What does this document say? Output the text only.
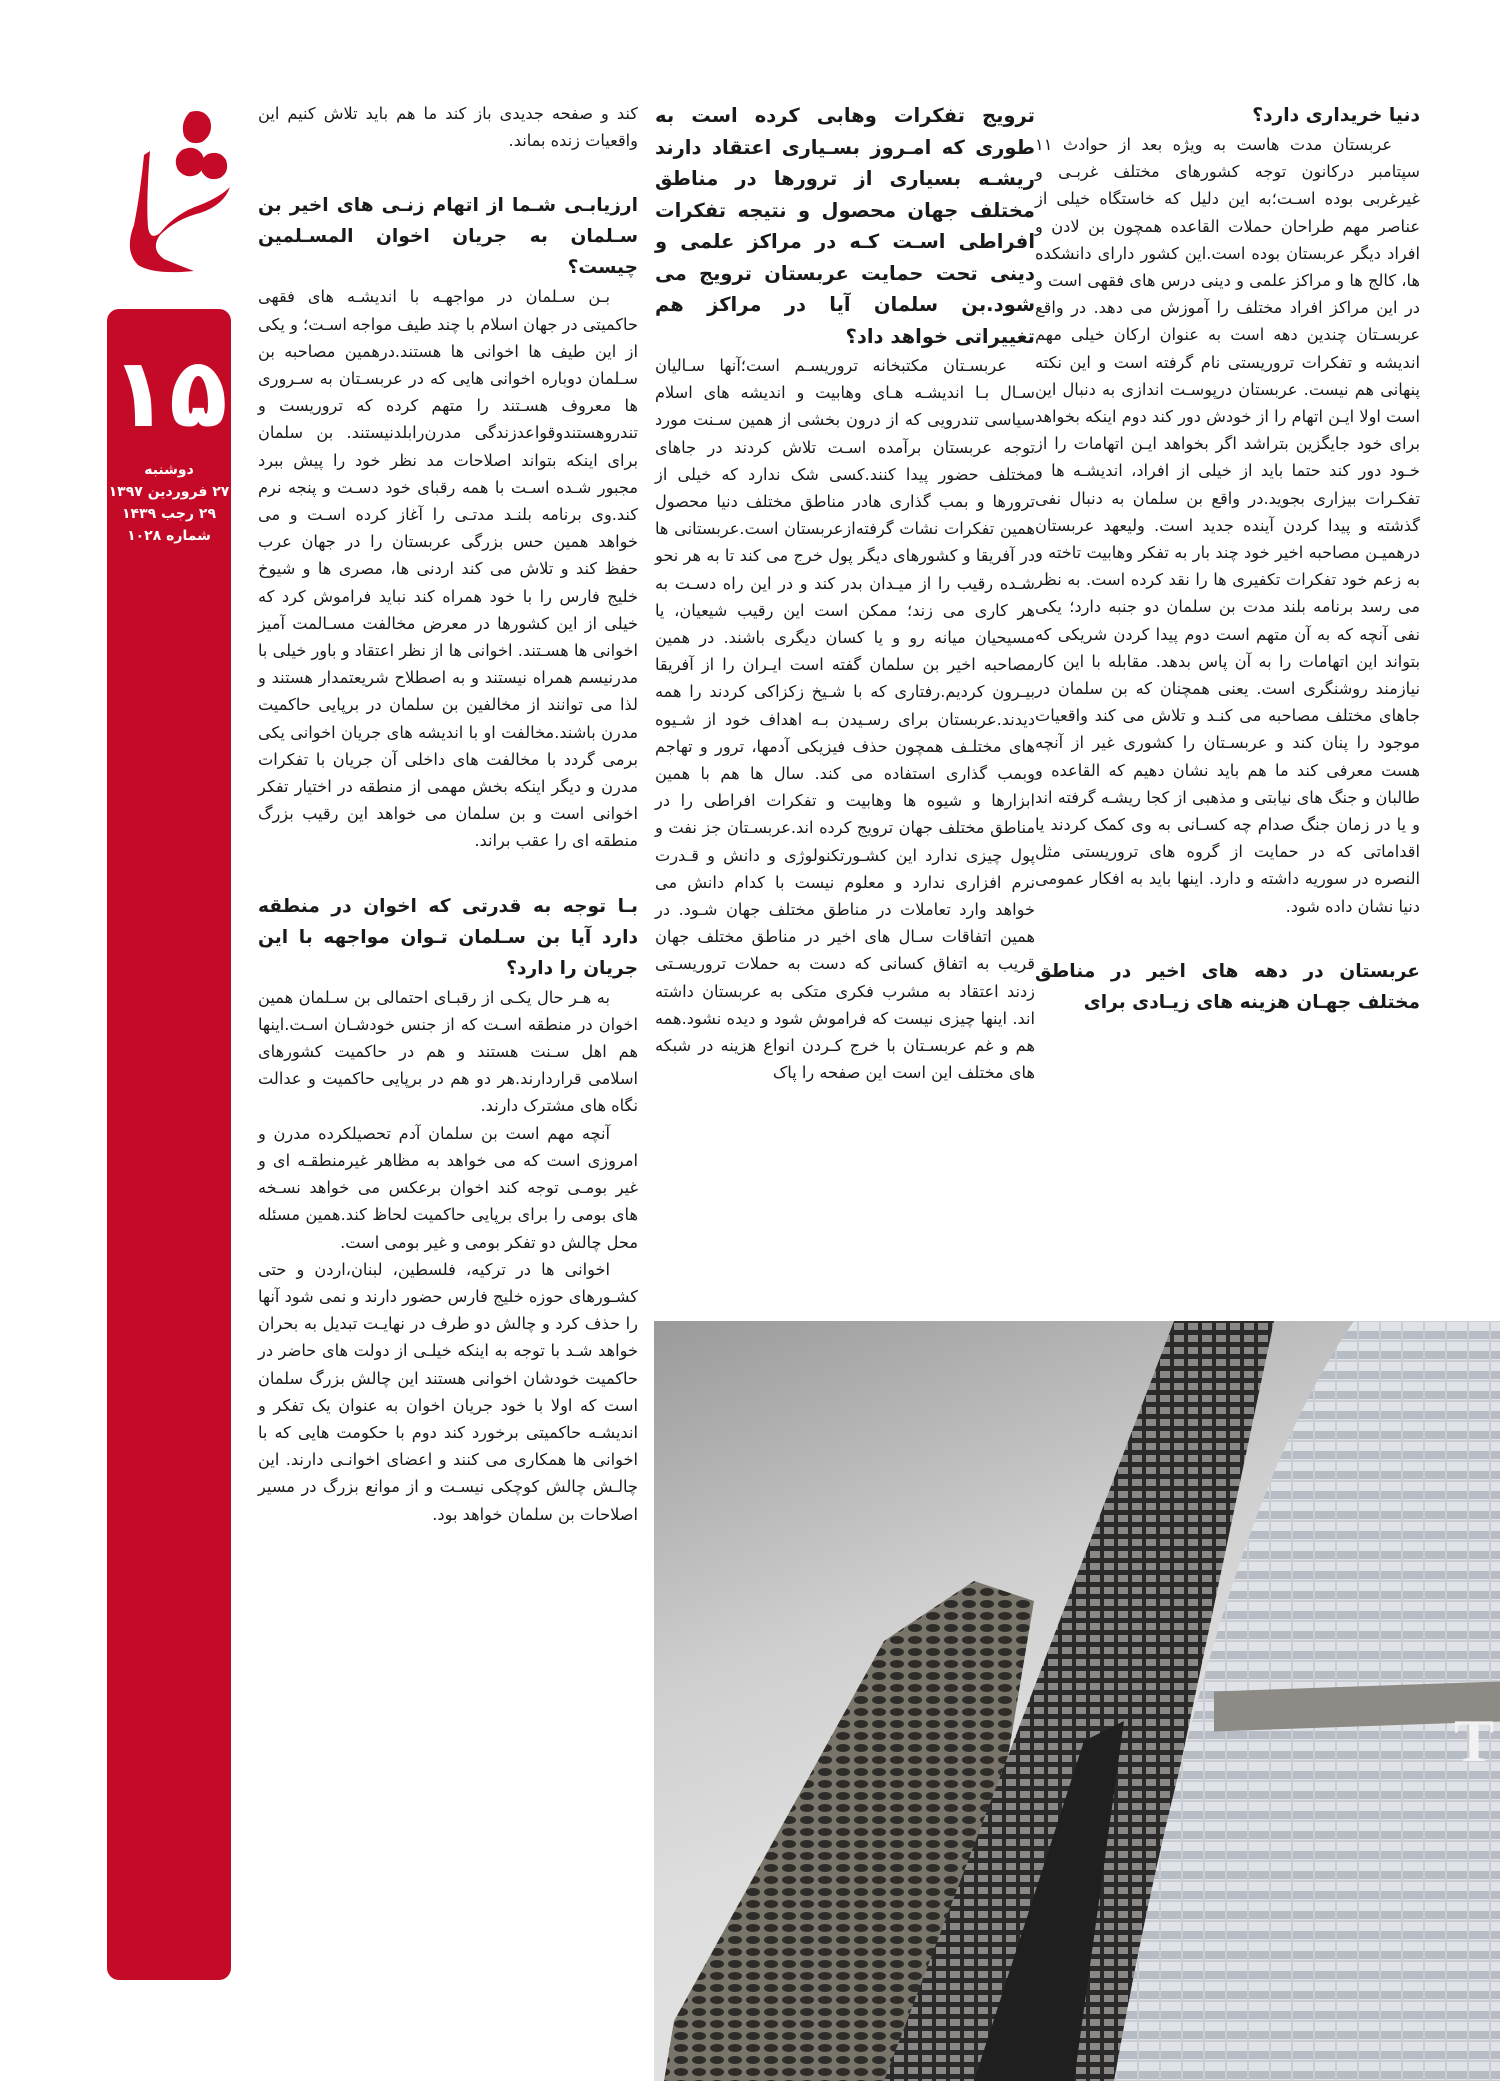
۱۵
دوشنبه
۲۷ فروردین ۱۳۹۷
۲۹ رجب ۱۴۳۹
شماره ۱۰۲۸
دنیا خریداری دارد؟

عربستان مدت هاست به ویژه بعد از حوادث ۱۱ سپتامبر درکانون توجه کشورهای مختلف غربـی و غیرغربی بوده اسـت؛به این دلیل که خاستگاه خیلی از عناصر مهم طراحان حملات القاعده همچون بن لادن و افراد دیگر عربستان بوده است.این کشور دارای دانشکده ها، کالج ها و مراکز علمی و دینی درس های فقهی است و در این مراکز افراد مختلف را آموزش می دهد. در واقع عربسـتان چندین دهه است به عنوان ارکان خیلی مهم اندیشه و تفکرات تروریستی نام گرفته است و این نکته پنهانی هم نیست. عربستان درپوسـت اندازی به دنبال این است اولا ایـن اتهام را از خودش دور کند دوم اینکه بخواهد برای خود جایگزین بتراشد اگر بخواهد ایـن اتهامات را از خـود دور کند حتما باید از خیلی از افراد، اندیشـه ها و تفکـرات بیزاری بجوید.در واقع بن سلمان به دنبال نفی گذشته و پیدا کردن آینده جدید است. ولیعهد عربستان درهمیـن مصاحبه اخیر خود چند بار به تفکر وهابیت تاخته و به زعم خود تفکرات تکفیری ها را نقد کرده است. به نظر می رسد برنامه بلند مدت بن سلمان دو جنبه دارد؛ یکی نفی آنچه که به آن متهم است دوم پیدا کردن شریکی که بتواند این اتهامات را به آن پاس بدهد. مقابله با این کار نیازمند روشنگری است. یعنی همچنان که بن سلمان در جاهای مختلف مصاحبه می کنـد و تلاش می کند واقعیات موجود را پنان کند و عربسـتان را کشوری غیر از آنچه هست معرفی کند ما هم باید نشان دهیم که القاعده و طالبان و جنگ های نیابتی و مذهبی از کجا ریشـه گرفته اند و یا در زمان جنگ صدام چه کسـانی به وی کمک کردند یا اقداماتی که در حمایت از گروه های تروریستی مثل النصره در سوریه داشته و دارد. اینها باید به افکار عمومی دنیا نشان داده شود.

عربستان در دهه های اخیر در مناطق مختلف جهـان هزینه های زیـادی برای
ترویج تفکرات وهابی کرده است به طوری که امـروز بسـیاری اعتقاد دارند ریشـه بسیاری از ترورها در مناطق مختلف جهان محصول و نتیجه تفکرات افراطی اسـت کـه در مراکز علمی و دینی تحت حمایت عربستان ترویج می شود.بن سلمان آیا در مراکز هم تغییراتی خواهد داد؟

عربسـتان مکتبخانه تروریسـم است؛آنها سـالیان سـال بـا اندیشـه هـای وهابیت و اندیشه های اسلام سیاسی تندرویی که از درون بخشی از همین سـنت مورد توجه عربستان برآمده اسـت تلاش کردند در جاهای مختلف حضور پیدا کنند.کسی شک ندارد که خیلی از ترورها و بمب گذاری هادر مناطق مختلف دنیا محصول همین تفکرات نشات گرفته‌ازعربستان است.عربستانی ها در آفریقا و کشورهای دیگر پول خرج می کند تا به هر نحو شـده رقیب را از میـدان بدر کند و در این راه دسـت به هر کاری می زند؛ ممکن است این رقیب شیعیان، یا مسیحیان میانه رو و یا کسان دیگری باشند. در همین مصاحبه اخیر بن سلمان گفته است ایـران را از آفریقا بیـرون کردیم.رفتاری که با شـیخ زکزاکی کردند را همه دیدند.عربستان برای رسـیدن بـه اهداف خود از شـیوه های مختلـف همچون حذف فیزیکی آدمها، ترور و تهاجم وبمب گذاری استفاده می کند. سال ها هم با همین ابزارها و شیوه ها وهابیت و تفکرات افراطی را در مناطق مختلف جهان ترویج کرده اند.عربسـتان جز نفت و پول چیزی ندارد این کشـورتکنولوژی و دانش و قـدرت نرم افزاری ندارد و معلوم نیست با کدام دانش می خواهد وارد تعاملات در مناطق مختلف جهان شـود. در همین اتفاقات سـال های اخیر در مناطق مختلف جهان قریب به اتفاق کسانی که دست به حملات تروریسـتی زدند اعتقاد به مشرب فکری متکی به عربستان داشته اند. اینها چیزی نیست که فراموش شود و دیده نشود.همه هم و غم عربسـتان با خرج کـردن انواع هزینه در شبکه های مختلف این است این صفحه را پاک

کند و صفحه جدیدی باز کند ما هم باید تلاش کنیم این واقعیات زنده بماند.

ارزیابـی شـما از اتهام زنـی های اخیر بن سـلمان به جریان اخوان المسـلمین چیست؟

بـن سـلمان در مواجهـه با اندیشـه های فقهی حاکمیتی در جهان اسلام با چند طیف مواجه اسـت؛ و یکی از این طیف ها اخوانی ها هستند.درهمین مصاحبه بن سـلمان دوباره اخوانی هایی که در عربسـتان به سـروری ها معروف هسـتند را متهم کرده که تروریست و تندروهستندوقواعدزندگی مدرن‌رابلدنیستند. بن سلمان برای اینکه بتواند اصلاحات مد نظر خود را پیش ببرد مجبور شـده اسـت با همه رقبای خود دسـت و پنجه نرم کند.وی برنامه بلنـد مدتـی را آغاز کرده اسـت و می خواهد همین حس بزرگی عربستان را در جهان عرب حفظ کند و تلاش می کند اردنی ها، مصری ها و شیوخ خلیج فارس را با خود همراه کند نباید فراموش کرد که خیلی از این کشورها در معرض مخالفت مسـالمت آمیز اخوانی ها هسـتند. اخوانی ها از نظر اعتقاد و باور خیلی با مدرنیسم همراه نیستند و به اصطلاح شریعتمدار هستند و لذا می توانند از مخالفین بن سلمان در برپایی حاکمیت مدرن باشند.مخالفت او با اندیشه های جریان اخوانی یکی برمی گردد با مخالفت های داخلی آن جریان با تفکرات مدرن و دیگر اینکه بخش مهمی از منطقه در اختیار تفکر اخوانی است و بن سلمان می خواهد این رقیب بزرگ منطقه ای را عقب براند.

بـا توجه به قدرتی که اخوان در منطقه دارد آیا بن سـلمان تـوان مواجهه با این جریان را دارد؟

به هـر حال یکـی از رقبـای احتمالی بن سـلمان همین اخوان در منطقه اسـت که از جنس خودشـان اسـت.اینها هم اهل سـنت هستند و هم در حاکمیت کشورهای اسلامی قراردارند.هر دو هم در برپایی حاکمیت و عدالت نگاه های مشترک دارند.

آنچه مهم است بن سلمان آدم تحصیلکرده مدرن و امروزی است که می خواهد به مظاهر غیرمنطقـه ای و غیر بومـی توجه کند اخوان برعکس می خواهد نسـخه های بومی را برای برپایی حاکمیت لحاظ کند.همین مسئله محل چالش دو تفکر بومی و غیر بومی است.

اخوانی ها در ترکیه، فلسطین، لبنان،اردن و حتی کشـورهای حوزه خلیج فارس حضور دارند و نمی شود آنها را حذف کرد و چالش دو طرف در نهایـت تبدیل به بحران خواهد شـد با توجه به اینکه خیلـی از دولت های حاضر در حاکمیت خودشان اخوانی هستند این چالش بزرگ سلمان است که اولا با خود جریان اخوان به عنوان یک تفکر و اندیشـه حاکمیتی برخورد کند دوم با حکومت هایی که با اخوانی ها همکاری می کنند و اعضای اخوانـی دارند. این چالـش چالش کوچکی نیسـت و از موانع بزرگ در مسیر اصلاحات بن سلمان خواهد بود.

T
